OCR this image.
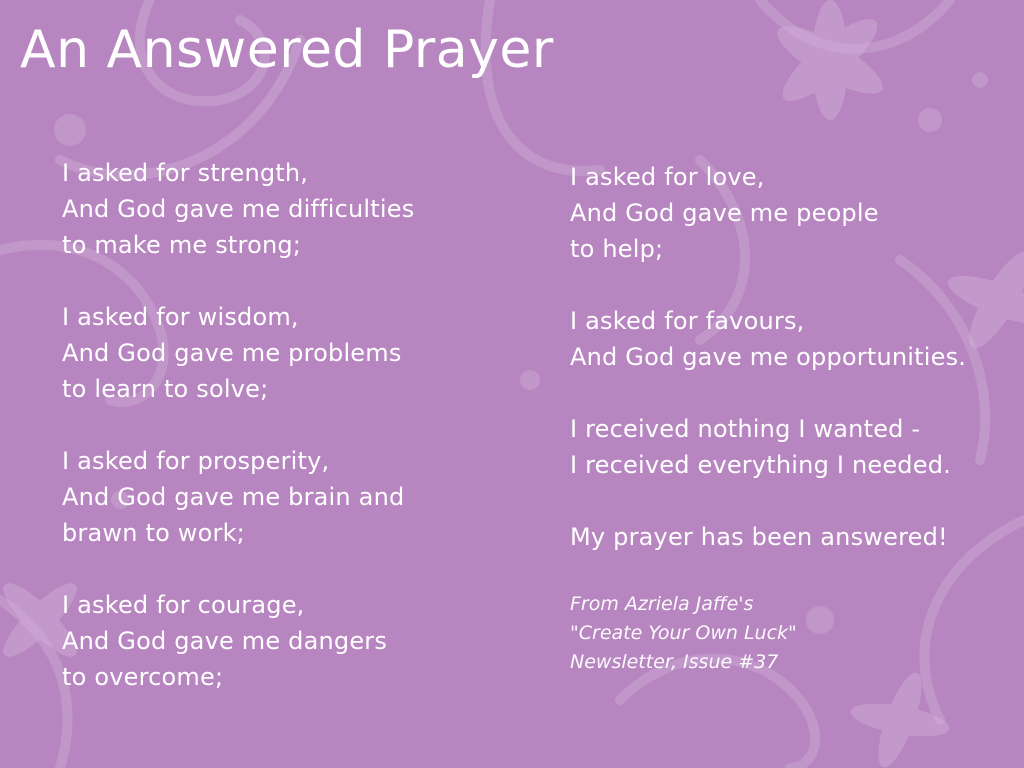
An Answered Prayer
I asked for strength,
And God gave me difficulties
to make me strong;
I asked for wisdom,
And God gave me problems
to learn to solve;
I asked for prosperity,
And God gave me brain and
brawn to work;
I asked for courage,
And God gave me dangers
to overcome;
I asked for love,
And God gave me people
to help;
I asked for favours,
And God gave me opportunities.
I received nothing I wanted -
I received everything I needed.
My prayer has been answered!
From Azriela Jaffe's
"Create Your Own Luck"
Newsletter, Issue #37
